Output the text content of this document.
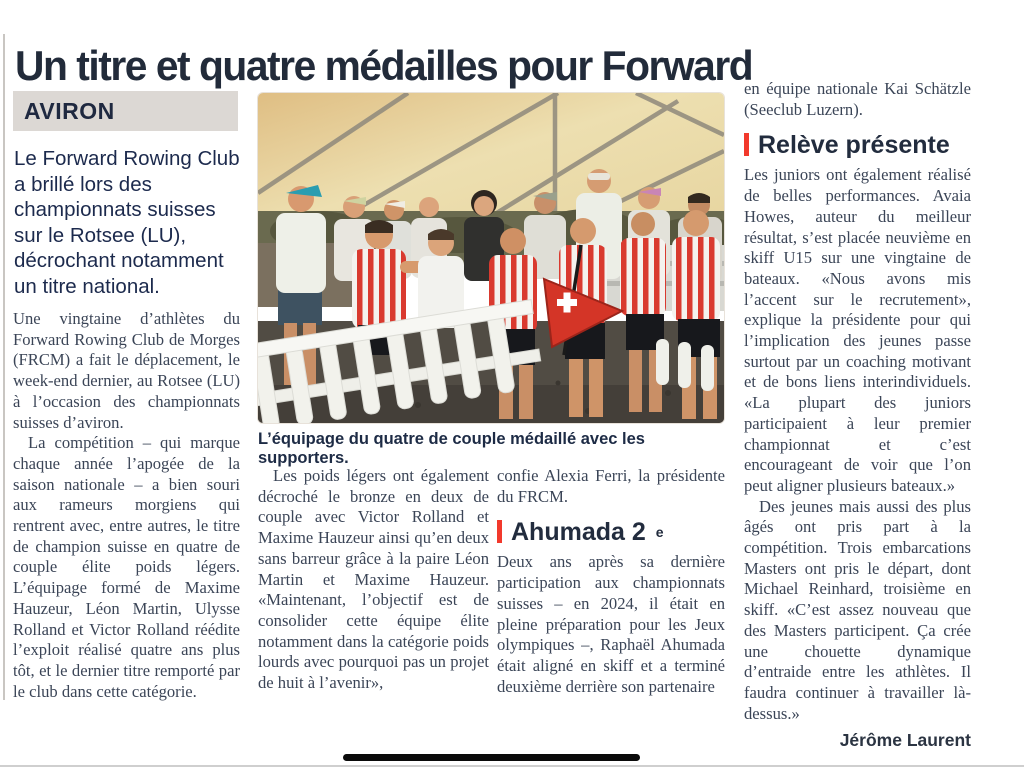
Un titre et quatre médailles pour Forward
AVIRON
Le Forward Rowing Club a brillé lors des championnats suisses sur le Rotsee (LU), décrochant notamment un titre national.

Une vingtaine d’athlètes du Forward Rowing Club de Morges (FRCM) a fait le déplacement, le week-end dernier, au Rotsee (LU) à l’occasion des championnats suisses d’aviron.

La compétition – qui marque chaque année l’apogée de la saison nationale – a bien souri aux rameurs morgiens qui rentrent avec, entre autres, le titre de champion suisse en quatre de couple élite poids légers. L’équipage formé de Maxime Hauzeur, Léon Martin, Ulysse Rolland et Victor Rolland réédite l’exploit réalisé quatre ans plus tôt, et le dernier titre remporté par le club dans cette catégorie.

L’équipage du quatre de couple médaillé avec les supporters.

Les poids légers ont également décroché le bronze en deux de couple avec Victor Rolland et Maxime Hauzeur ainsi qu’en deux sans barreur grâce à la paire Léon Martin et Maxime Hauzeur. «Maintenant, l’objectif est de consolider cette équipe élite notamment dans la catégorie poids lourds avec pourquoi pas un projet de huit à l’avenir»,

confie Alexia Ferri, la présidente du FRCM.

Ahumada 2 e

Deux ans après sa dernière participation aux championnats suisses – en 2024, il était en pleine préparation pour les Jeux olympiques –, Raphaël Ahumada était aligné en skiff et a terminé deuxième derrière son partenaire

en équipe nationale Kai Schätzle (Seeclub Luzern).

Relève présente

Les juniors ont également réalisé de belles performances. Avaia Howes, auteur du meilleur résultat, s’est placée neuvième en skiff U15 sur une vingtaine de bateaux. «Nous avons mis l’accent sur le recrutement», explique la présidente pour qui l’implication des jeunes passe surtout par un coaching motivant et de bons liens interindividuels. «La plupart des juniors participaient à leur premier championnat et c’est encourageant de voir que l’on peut aligner plusieurs bateaux.»

Des jeunes mais aussi des plus âgés ont pris part à la compétition. Trois embarcations Masters ont pris le départ, dont Michael Reinhard, troisième en skiff. «C’est assez nouveau que des Masters participent. Ça crée une chouette dynamique d’entraide entre les athlètes. Il faudra continuer à travailler là-dessus.»

Jérôme Laurent
